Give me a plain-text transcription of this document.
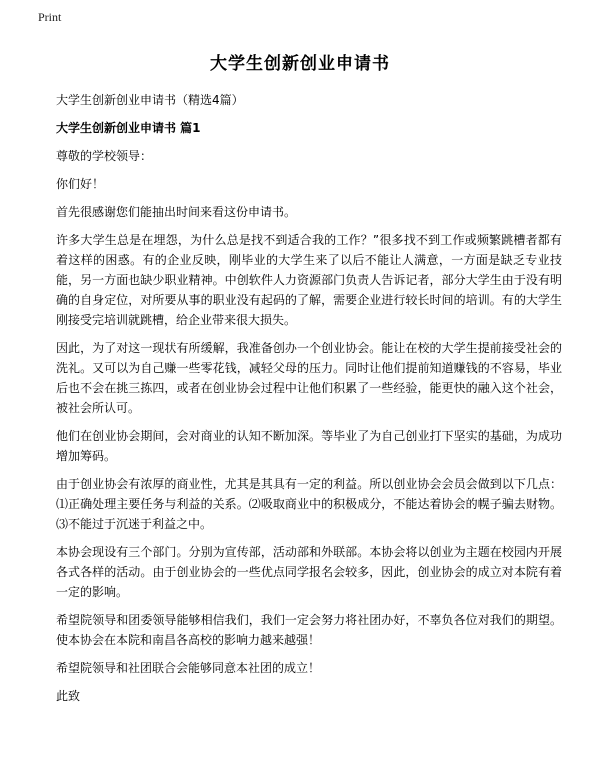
Print
大学生创新创业申请书

大学生创新创业申请书（精选4篇）

大学生创新创业申请书 篇1

尊敬的学校领导：

你们好！

首先很感谢您们能抽出时间来看这份申请书。

许多大学生总是在埋怨，为什么总是找不到适合我的工作？”很多找不到工作或频繁跳槽者都有着这样的困惑。有的企业反映，刚毕业的大学生来了以后不能让人满意，一方面是缺乏专业技能，另一方面也缺少职业精神。中创软件人力资源部门负责人告诉记者，部分大学生由于没有明确的自身定位，对所要从事的职业没有起码的了解，需要企业进行较长时间的培训。有的大学生刚接受完培训就跳槽，给企业带来很大损失。

因此，为了对这一现状有所缓解，我准备创办一个创业协会。能让在校的大学生提前接受社会的洗礼。又可以为自己赚一些零花钱，减轻父母的压力。同时让他们提前知道赚钱的不容易，毕业后也不会在挑三拣四，或者在创业协会过程中让他们积累了一些经验，能更快的融入这个社会，被社会所认可。

他们在创业协会期间，会对商业的认知不断加深。等毕业了为自己创业打下坚实的基础，为成功增加筹码。

由于创业协会有浓厚的商业性，尤其是其具有一定的利益。所以创业协会会员会做到以下几点：⑴正确处理主要任务与利益的关系。⑵吸取商业中的积极成分，不能达着协会的幌子骗去财物。⑶不能过于沉迷于利益之中。

本协会现设有三个部门。分别为宣传部，活动部和外联部。本协会将以创业为主题在校园内开展各式各样的活动。由于创业协会的一些优点同学报名会较多，因此，创业协会的成立对本院有着一定的影响。

希望院领导和团委领导能够相信我们，我们一定会努力将社团办好，不辜负各位对我们的期望。使本协会在本院和南昌各高校的影响力越来越强！

希望院领导和社团联合会能够同意本社团的成立！

此致
